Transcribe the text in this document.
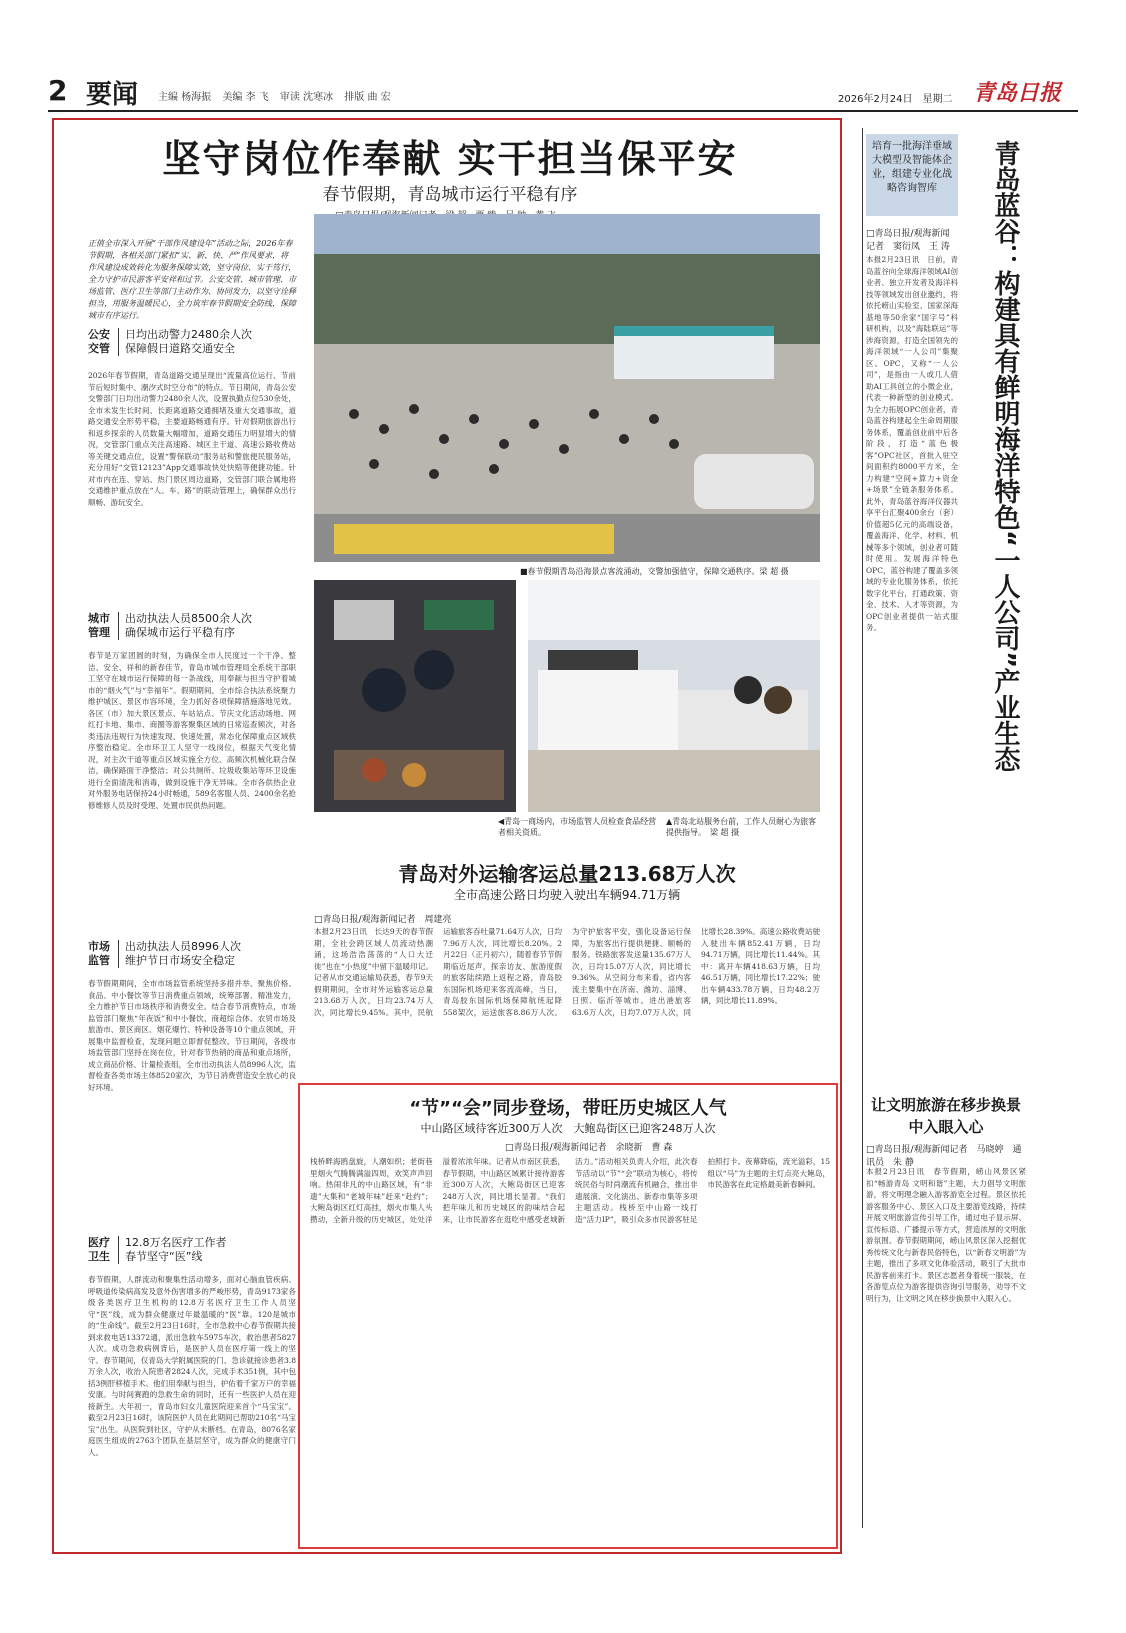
2 要闻 主编 杨海振 美编 李 飞 审读 沈寒冰 排版 曲 宏	2026年2月24日　星期二 青岛日报
坚守岗位作奉献 实干担当保平安
春节假期，青岛城市运行平稳有序
正值全市深入开展“干部作风建设年”活动之际，2026年春节假期，各相关部门紧扣“实、新、快、严”作风要求，将作风建设成效转化为服务保障实效，坚守岗位、实干笃行，全力守护市民游客平安祥和过节。公安交管、城市管理、市场监管、医疗卫生等部门主动作为、协同发力，以坚守诠释担当，用服务温暖民心，全力筑牢春节假期安全防线，保障城市有序运行。
公安交管
日均出动警力2480余人次
保障假日道路交通安全
2026年春节假期，青岛道路交通呈现出“流量高位运行、节前节后短时集中、潮汐式时空分布”的特点。节日期间，青岛公安交警部门日均出动警力2480余人次，设置执勤点位530余处，全市未发生长时间、长距离道路交通拥堵及重大交通事故，道路交通安全形势平稳，主要道路畅通有序。针对假期旅游出行和返乡探亲的人员数量大幅增加，道路交通压力明显增大的情况，交管部门重点关注高速路、城区主干道、高速公路收费站等关键交通点位，设置“警保联动”服务站和警旅便民服务站，充分用好“交管12123”App交通事故快处快赔等便捷功能。针对市内在连、穿站、热门景区周边道路，交管部门联合属地将交通维护重点放在“人、车、路”的联动管理上，确保群众出行顺畅、游玩安全。
城市管理
出动执法人员8500余人次
确保城市运行平稳有序
春节是万家团圆的时刻，为确保全市人民度过一个干净、整洁、安全、祥和的新春佳节，青岛市城市管理局全系统干部职工坚守在城市运行保障的每一条战线，用奉献与担当守护着城市的“烟火气”与“幸福年”。假期期间，全市综合执法系统聚力维护城区、景区市容环境，全力抓好各项保障措施落地见效。各区（市）加大景区景点、车站站点、节庆文化活动场地、网红打卡地、集市、商圈等游客聚集区域的日常巡查频次，对各类违法违规行为快速发现、快速处置，常态化保障重点区域秩序整治稳定。全市环卫工人坚守一线岗位，根据天气变化情况，对主次干道等重点区域实施全方位、高频次机械化联合保洁，确保路面干净整洁；对公共厕所、垃圾收集站等环卫设施进行全面清洗和消毒，做到设施干净无异味。全市各供热企业对外服务电话保持24小时畅通，589名客服人员、2400余名抢修维修人员及时受理、处置市民供热问题。
市场监管
出动执法人员8996人次
维护节日市场安全稳定
春节假期期间，全市市场监管系统坚持多措并举、聚焦价格、食品、中小餐饮等节日消费重点领域，统筹部署、精准发力，全力维护节日市场秩序和消费安全。结合春节消费特点，市场监管部门聚焦“年夜饭”和中小餐饮、商超综合体、农贸市场及旅游市、景区商区、烟花爆竹、特种设备等10个重点领域，开展集中监督检查，发现问题立即督促整改。节日期间，各级市场监管部门坚持在岗在位，针对春节热销的商品和重点场所，成立商品价格、计量检查组，全市出动执法人员8996人次，监督检查各类市场主体8520家次，为节日消费营造安全放心的良好环境。
医疗卫生
12.8万名医疗工作者
春节坚守“医”线
春节假期，人群流动和聚集性活动增多，面对心脑血管疾病、呼吸道传染病高发及意外伤害增多的严峻形势，青岛9173家各级各类医疗卫生机构的12.8万名医疗卫生工作人员坚守“医”线，成为群众健康过年最温暖的“医”靠。120是城市的“生命线”。截至2月23日16时，全市急救中心春节假期共接到求救电话13372通，派出急救车5975车次，救治患者5827人次。成功急救病例背后，是医护人员在医疗第一线上的坚守。春节期间，仅青岛大学附属医院的门、急诊就接诊患者3.8万余人次，收治入院患者2824人次，完成手术351例，其中包括3例肝移植手术。他们用奉献与担当，护佑着千家万户的幸福安康。与时间赛跑的急救生命的同时，还有一些医护人员在迎接新生。大年初一，青岛市妇女儿童医院迎来首个“马宝宝”。截至2月23日16时，该院医护人员在此期间已帮助210名“马宝宝”出生。从医院到社区，守护从未断档。在青岛，8076名家庭医生组成的2763个团队在基层坚守，成为群众的健康守门人。
■春节假期青岛沿海景点客流涌动，交警加强值守，保障交通秩序。梁 超 摄
◀青岛一商场内，市场监管人员检查食品经营者相关资质。
▲青岛北站服务台前，工作人员耐心为旅客提供指导。　梁 超 摄
青岛对外运输客运总量213.68万人次
全市高速公路日均驶入驶出车辆94.71万辆
□青岛日报/观海新闻记者　周建亮
本报2月23日讯　长达9天的春节假期，全社会跨区域人员流动热潮涌，这场浩浩荡荡的“人口大迁徙”也在“小热度”中留下温暖印记。记者从市交通运输局获悉，春节9天假期期间，全市对外运输客运总量213.68万人次，日均23.74万人次，同比增长9.45%。其中，民航运输旅客吞吐量71.64万人次，日均7.96万人次，同比增长8.20%。2月22日（正月初六），随着春节节假期临近尾声，探亲访友、旅游度假的旅客陆续踏上返程之路，青岛胶东国际机场迎来客流高峰，当日，青岛胶东国际机场保障航班起降558架次，运送旅客8.86万人次。为守护旅客平安，强化设备运行保障，为旅客出行提供便捷、顺畅的服务。铁路旅客发送量135.67万人次，日均15.07万人次，同比增长9.36%。从空间分布来看，省内客流主要集中在济南、潍坊、淄博、日照、临沂等城市。进出港旅客63.6万人次，日均7.07万人次，同比增长28.39%。高速公路收费站驶入驶出车辆852.41万辆，日均94.71万辆，同比增长11.44%。其中：离开车辆418.63万辆，日均46.51万辆，同比增长17.22%；驶出车辆433.78万辆，日均48.2万辆，同比增长11.89%。
“节”“会”同步登场，带旺历史城区人气
中山路区域待客近300万人次　大鲍岛街区已迎客248万人次
□青岛日报/观海新闻记者　余晓新　曹 森
栈桥畔海鸥盘旋，人潮如织；老街巷里烟火气腾腾满溢四周，欢笑声声回响。热闹非凡的中山路区域，有“非遗”大集和“老城年味”赶来“赴约”；大鲍岛街区红灯高挂，烟火市集人头攒动，全新升级的历史城区，处处洋溢着浓浓年味。记者从市南区获悉，春节假期，中山路区域累计接待游客近300万人次，大鲍岛街区已迎客248万人次，同比增长显著。“我们把年味儿和历史城区的韵味结合起来，让市民游客在逛吃中感受老城新活力。”活动相关负责人介绍，此次春节活动以“节”“会”联动为核心，将传统民俗与时尚潮流有机融合，推出非遗展演、文化演出、新春市集等多项主题活动。栈桥至中山路一线打造“活力IP”，吸引众多市民游客驻足拍照打卡。夜幕降临，流光溢彩，15组以“马”为主题的主灯点亮大鲍岛，市民游客在此定格最美新春瞬间。
培育一批海洋垂域大模型及智能体企业，组建专业化战略咨询智库	青岛蓝谷：构建具有鲜明海洋特色“一人公司”产业生态
□青岛日报/观海新闻记者　窦衍凤　王 涛
本报2月23日讯　日前，青岛蓝谷向全球海洋领域AI创业者、独立开发者及海洋科技等领域发出创业邀约，将依托崂山实验室、国家深海基地等50余家“国字号”科研机构，以及“海陆联运”等涉海资源，打造全国领先的海洋领域“一人公司”集聚区。OPC，又称“一人公司”，是指由一人或几人借助AI工具创立的小微企业，代表一种新型的创业模式。为全力拓展OPC创业者，青岛蓝谷构建起全生命周期服务体系，覆盖创业前中后各阶段，打造“蓝色极客”OPC社区，首批入驻空间面积约8000平方米，全力构建“空间+算力+资金+场景”全链条服务体系。此外，青岛蓝谷海洋仪器共享平台汇聚400余台（套）价值超5亿元的高端设备，覆盖海洋、化学、材料、机械等多个领域，创业者可随时使用。发展海洋特色OPC，蓝谷构建了覆盖多领域的专业化服务体系，依托数字化平台，打通政策、资金、技术、人才等资源，为OPC创业者提供一站式服务。
让文明旅游在移步换景中入眼入心
□青岛日报/观海新闻记者　马晓婷　通讯员　朱 静
本报2月23日讯　春节假期，崂山风景区紧扣“畅游青岛 文明和谐”主题，大力倡导文明旅游，将文明理念融入游客游览全过程。景区依托游客服务中心、景区入口及主要游览线路，持续开展文明旅游宣传引导工作，通过电子显示屏、宣传标语、广播提示等方式，营造浓厚的文明旅游氛围。春节假期期间，崂山风景区深入挖掘优秀传统文化与新春民俗特色，以“新春文明游”为主题，推出了多项文化体验活动，吸引了大批市民游客前来打卡。景区志愿者身着统一服装，在各游览点位为游客提供咨询引导服务，劝导不文明行为，让文明之风在移步换景中入眼入心。
